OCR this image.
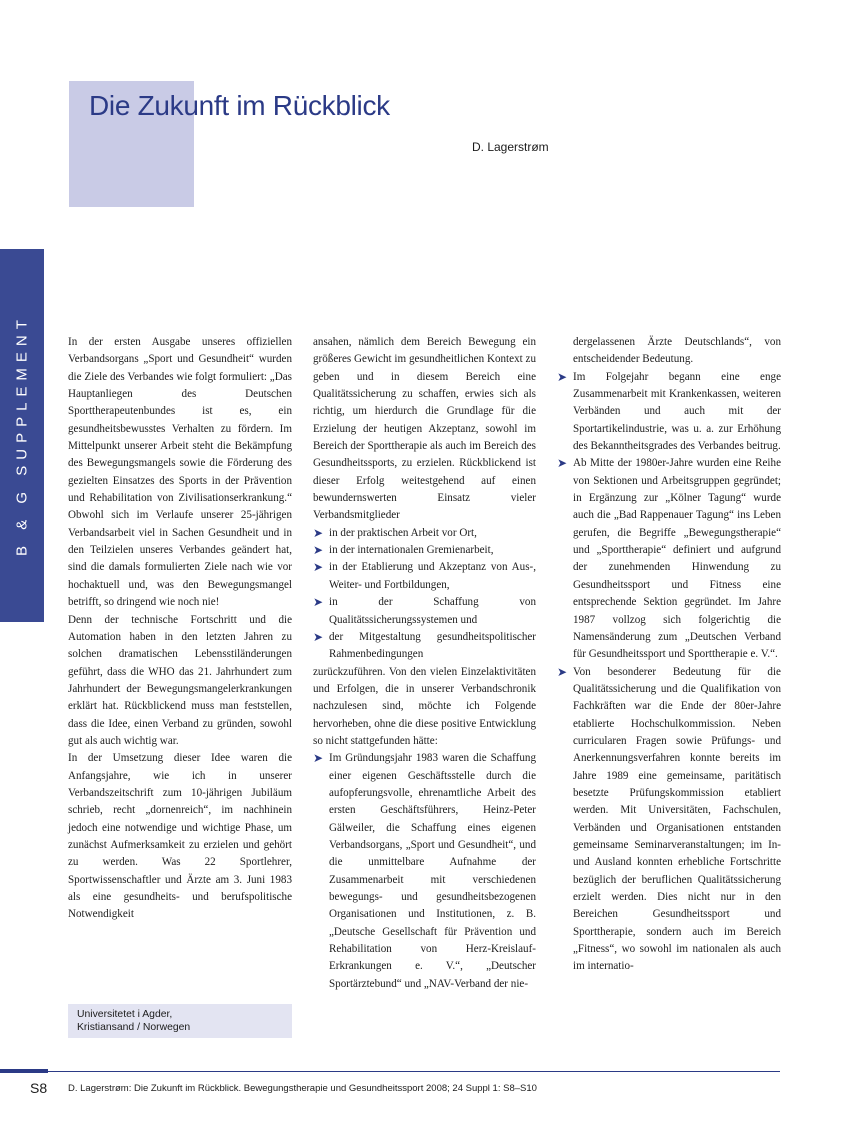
Die Zukunft im Rückblick
D. Lagerstrøm
B & G SUPPLEMENT	In der ersten Ausgabe unseres offiziellen Verbandsorgans „Sport und Gesundheit“ wurden die Ziele des Verbandes wie folgt formuliert: „Das Hauptanliegen des Deutschen Sporttherapeutenbundes ist es, ein gesundheitsbewusstes Verhalten zu fördern. Im Mittelpunkt unserer Arbeit steht die Bekämpfung des Bewegungsmangels sowie die Förderung des gezielten Einsatzes des Sports in der Prävention und Rehabilitation von Zivilisationserkrankung.“ Obwohl sich im Verlaufe unserer 25-jährigen Verbandsarbeit viel in Sachen Gesundheit und in den Teilzielen unseres Verbandes geändert hat, sind die damals formulierten Ziele nach wie vor hochaktuell und, was den Bewegungsmangel betrifft, so dringend wie noch nie!

Denn der technische Fortschritt und die Automation haben in den letzten Jahren zu solchen dramatischen Lebensstiländerungen geführt, dass die WHO das 21. Jahrhundert zum Jahrhundert der Bewegungsmangelerkrankungen erklärt hat. Rückblickend muss man feststellen, dass die Idee, einen Verband zu gründen, sowohl gut als auch wichtig war.

In der Umsetzung dieser Idee waren die Anfangsjahre, wie ich in unserer Verbandszeitschrift zum 10-jährigen Jubiläum schrieb, recht „dornenreich“, im nachhinein jedoch eine notwendige und wichtige Phase, um zunächst Aufmerksamkeit zu erzielen und gehört zu werden. Was 22 Sportlehrer, Sportwissenschaftler und Ärzte am 3. Juni 1983 als eine gesundheits- und berufspolitische Notwendigkeit

ansahen, nämlich dem Bereich Bewegung ein größeres Gewicht im gesundheitlichen Kontext zu geben und in diesem Bereich eine Qualitätssicherung zu schaffen, erwies sich als richtig, um hierdurch die Grundlage für die Erzielung der heutigen Akzeptanz, sowohl im Bereich der Sporttherapie als auch im Bereich des Gesundheitssports, zu erzielen. Rückblickend ist dieser Erfolg weitestgehend auf einen bewundernswerten Einsatz vieler Verbandsmitglieder

➤ in der praktischen Arbeit vor Ort,
➤ in der internationalen Gremienarbeit,
➤ in der Etablierung und Akzeptanz von Aus-, Weiter- und Fortbildungen,
➤ in der Schaffung von Qualitätssicherungssystemen und
➤ der Mitgestaltung gesundheitspolitischer Rahmenbedingungen

zurückzuführen. Von den vielen Einzelaktivitäten und Erfolgen, die in unserer Verbandschronik nachzulesen sind, möchte ich Folgende hervorheben, ohne die diese positive Entwicklung so nicht stattgefunden hätte:

➤ Im Gründungsjahr 1983 waren die Schaffung einer eigenen Geschäftsstelle durch die aufopferungsvolle, ehrenamtliche Arbeit des ersten Geschäftsführers, Heinz-Peter Gälweiler, die Schaffung eines eigenen Verbandsorgans, „Sport und Gesundheit“, und die unmittelbare Aufnahme der Zusammenarbeit mit verschiedenen bewegungs- und gesundheitsbezogenen Organisationen und Institutionen, z. B. „Deutsche Gesellschaft für Prävention und Rehabilitation von Herz-Kreislauf-Erkrankungen e. V.“, „Deutscher Sportärztebund“ und „NAV-Verband der nie-

dergelassenen Ärzte Deutschlands“, von entscheidender Bedeutung.

➤ Im Folgejahr begann eine enge Zusammenarbeit mit Krankenkassen, weiteren Verbänden und auch mit der Sportartikelindustrie, was u. a. zur Erhöhung des Bekanntheitsgrades des Verbandes beitrug.
➤ Ab Mitte der 1980er-Jahre wurden eine Reihe von Sektionen und Arbeitsgruppen gegründet; in Ergänzung zur „Kölner Tagung“ wurde auch die „Bad Rappenauer Tagung“ ins Leben gerufen, die Begriffe „Bewegungstherapie“ und „Sporttherapie“ definiert und aufgrund der zunehmenden Hinwendung zu Gesundheitssport und Fitness eine entsprechende Sektion gegründet. Im Jahre 1987 vollzog sich folgerichtig die Namensänderung zum „Deutschen Verband für Gesundheitssport und Sporttherapie e. V.“.
➤ Von besonderer Bedeutung für die Qualitätssicherung und die Qualifikation von Fachkräften war die Ende der 80er-Jahre etablierte Hochschulkommission. Neben curricularen Fragen sowie Prüfungs- und Anerkennungsverfahren konnte bereits im Jahre 1989 eine gemeinsame, paritätisch besetzte Prüfungskommission etabliert werden. Mit Universitäten, Fachschulen, Verbänden und Organisationen entstanden gemeinsame Seminarveranstaltungen; im In- und Ausland konnten erhebliche Fortschritte bezüglich der beruflichen Qualitätssicherung erzielt werden. Dies nicht nur in den Bereichen Gesundheitssport und Sporttherapie, sondern auch im Bereich „Fitness“, wo sowohl im nationalen als auch im internatio-
Universitetet i Agder,
Kristiansand / Norwegen
S8 D. Lagerstrøm: Die Zukunft im Rückblick. Bewegungstherapie und Gesundheitssport 2008; 24 Suppl 1: S8–S10
